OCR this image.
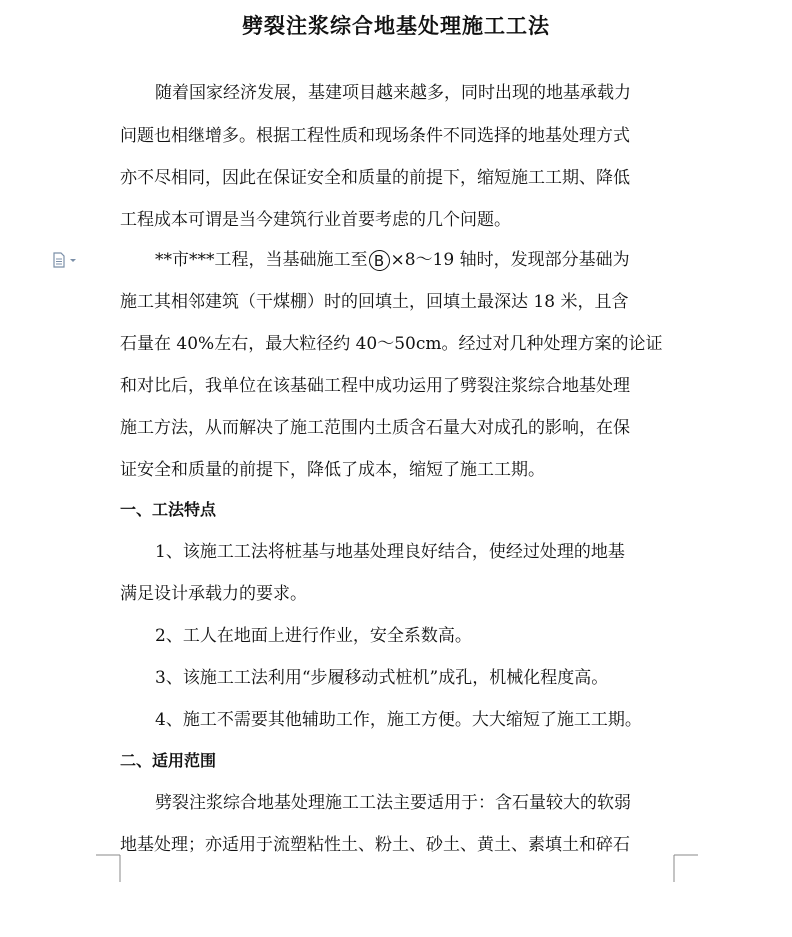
劈裂注浆综合地基处理施工工法
随着国家经济发展，基建项目越来越多，同时出现的地基承载力
问题也相继增多。根据工程性质和现场条件不同选择的地基处理方式
亦不尽相同，因此在保证安全和质量的前提下，缩短施工工期、降低
工程成本可谓是当今建筑行业首要考虑的几个问题。
**市***工程，当基础施工至 B ×8～19 轴时，发现部分基础为
施工其相邻建筑（干煤棚）时的回填土，回填土最深达 18 米，且含
石量在 40%左右，最大粒径约 40～50cm。经过对几种处理方案的论证
和对比后，我单位在该基础工程中成功运用了劈裂注浆综合地基处理
施工方法，从而解决了施工范围内土质含石量大对成孔的影响，在保
证安全和质量的前提下，降低了成本，缩短了施工工期。
一、工法特点
1、该施工工法将桩基与地基处理良好结合，使经过处理的地基
满足设计承载力的要求。
2、工人在地面上进行作业，安全系数高。
3、该施工工法利用“步履移动式桩机”成孔，机械化程度高。
4、施工不需要其他辅助工作，施工方便。大大缩短了施工工期。
二、适用范围
劈裂注浆综合地基处理施工工法主要适用于：含石量较大的软弱
地基处理；亦适用于流塑粘性土、粉土、砂土、黄土、素填土和碎石
